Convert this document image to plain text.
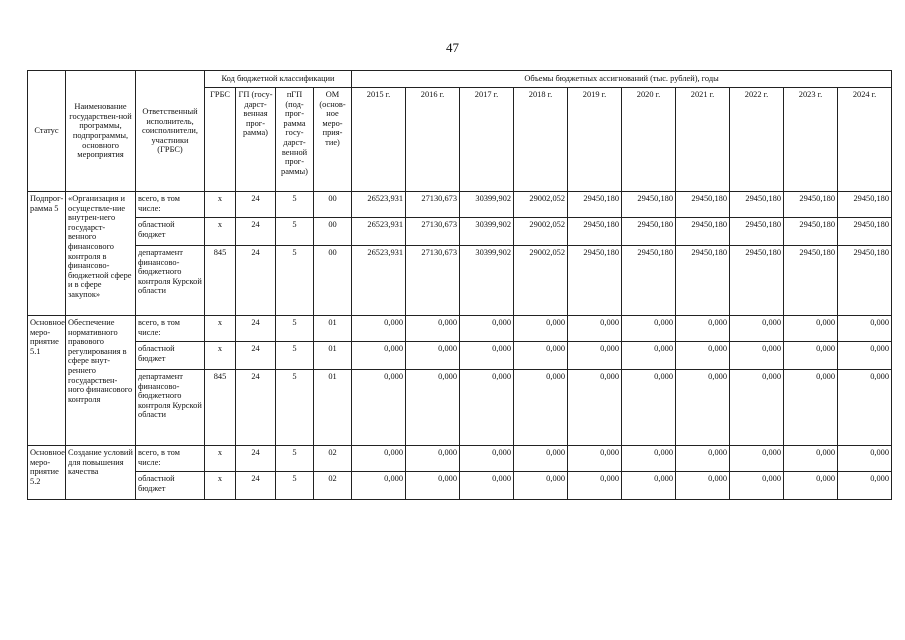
47
Статус	Наименование государствен-ной программы, подпрограммы, основного мероприятия	Ответственный исполнитель, соисполнители, участники (ГРБС)	Код бюджетной классификации				Объемы бюджетных ассигнований (тыс. рублей), годы									
			ГРБС	ГП (госу-дарст-венная прог-рамма)	пГП (под-прог-рамма госу-дарст-венной прог-раммы)	ОМ (основ-ное меро-прия-тие)	2015 г.	2016 г.	2017 г.	2018 г.	2019 г.	2020 г.	2021 г.	2022 г.	2023 г.	2024 г.
Подпрог-рамма 5	«Организация и осуществле-ние внутрен-него государст-венного финансового контроля в финансово-бюджетной сфере и в сфере закупок»	всего, в том числе:	х	24	5	00	26523,931	27130,673	30399,902	29002,052	29450,180	29450,180	29450,180	29450,180	29450,180	29450,180
		областной бюджет	х	24	5	00	26523,931	27130,673	30399,902	29002,052	29450,180	29450,180	29450,180	29450,180	29450,180	29450,180
		департамент финансово-бюджетного контроля Курской области	845	24	5	00	26523,931	27130,673	30399,902	29002,052	29450,180	29450,180	29450,180	29450,180	29450,180	29450,180
Основное меро-приятие 5.1	Обеспечение нормативного правового регулирования в сфере внут-реннего государствен-ного финансового контроля	всего, в том числе:	х	24	5	01	0,000	0,000	0,000	0,000	0,000	0,000	0,000	0,000	0,000	0,000
		областной бюджет	х	24	5	01	0,000	0,000	0,000	0,000	0,000	0,000	0,000	0,000	0,000	0,000
		департамент финансово-бюджетного контроля Курской области	845	24	5	01	0,000	0,000	0,000	0,000	0,000	0,000	0,000	0,000	0,000	0,000
Основное меро-приятие 5.2	Создание условий для повышения качества	всего, в том числе:	х	24	5	02	0,000	0,000	0,000	0,000	0,000	0,000	0,000	0,000	0,000	0,000
		областной бюджет	х	24	5	02	0,000	0,000	0,000	0,000	0,000	0,000	0,000	0,000	0,000	0,000
